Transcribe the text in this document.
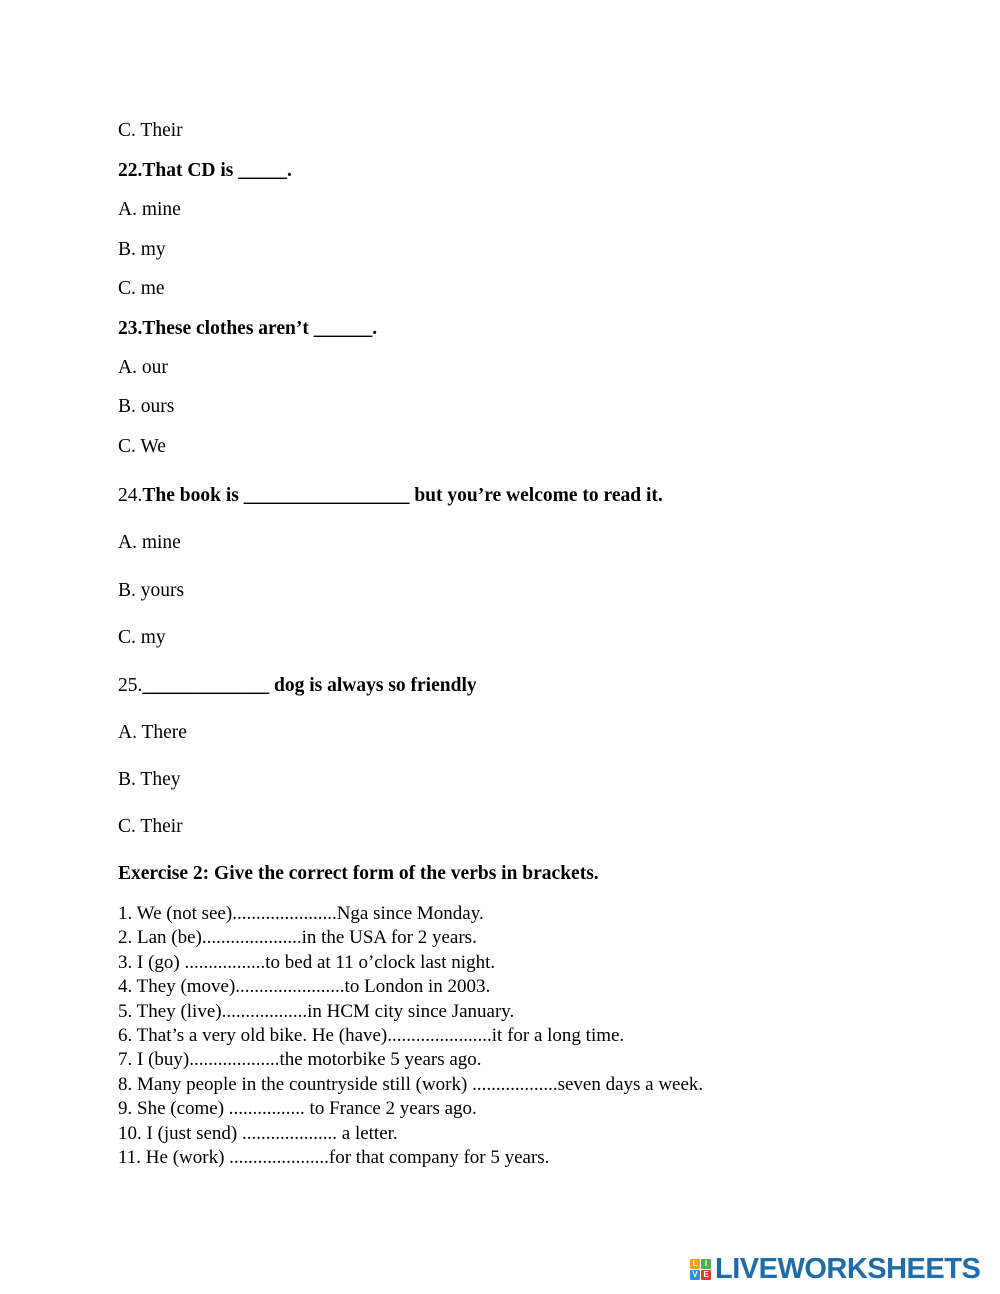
C. Their
22.That CD is _____.
A. mine
B. my
C. me
23.These clothes aren’t ______.
A. our
B. ours
C. We
24.The book is _________________ but you’re welcome to read it.
A. mine
B. yours
C. my
25._____________ dog is always so friendly
A. There
B. They
C. Their
Exercise 2: Give the correct form of the verbs in brackets.
1. We (not see)......................Nga since Monday.
2. Lan (be).....................in the USA for 2 years.
3. I (go) .................to bed at 11 o’clock last night.
4. They (move).......................to London in 2003.
5. They (live)..................in HCM city since January.
6. That’s a very old bike. He (have)......................it for a long time.
7. I (buy)...................the motorbike 5 years ago.
8. Many people in the countryside still (work) ..................seven days a week.
9. She (come) ................ to France 2 years ago.
10. I (just send) .................... a letter.
11. He (work) .....................for that company for 5 years.
L I
V E LIVEWORKSHEETS
